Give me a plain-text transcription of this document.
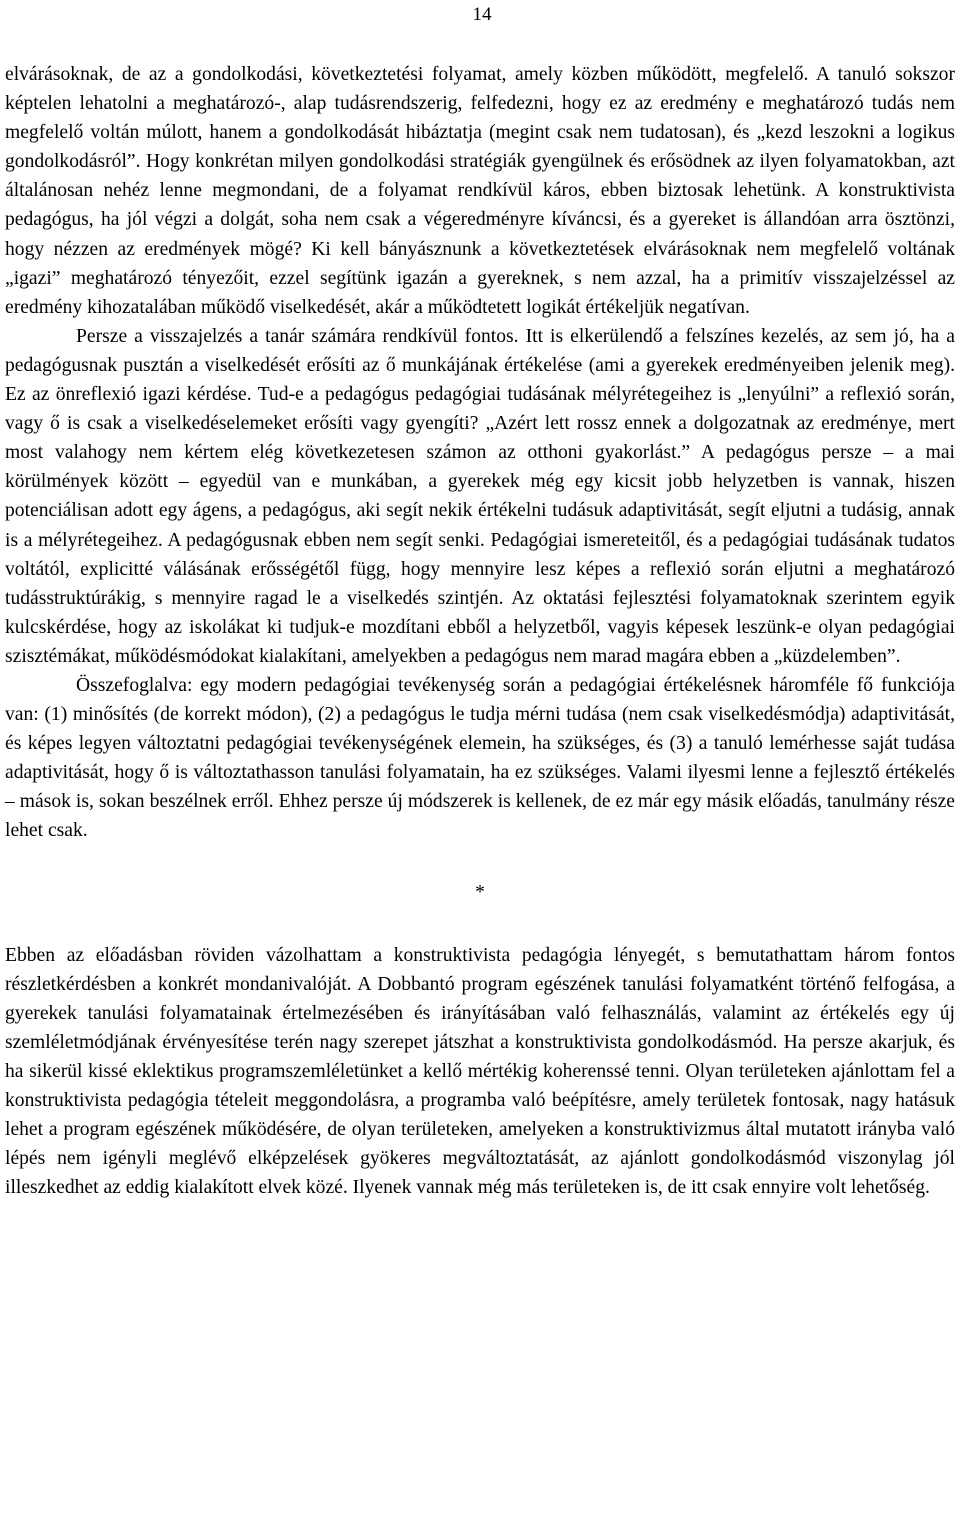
14

elvárásoknak, de az a gondolkodási, következtetési folyamat, amely közben működött, megfelelő. A tanuló sokszor képtelen lehatolni a meghatározó-, alap tudásrendszerig, felfedezni, hogy ez az eredmény e meghatározó tudás nem megfelelő voltán múlott, hanem a gondolkodását hibáztatja (megint csak nem tudatosan), és „kezd leszokni a logikus gondolkodásról”. Hogy konkrétan milyen gondolkodási stratégiák gyengülnek és erősödnek az ilyen folyamatokban, azt általánosan nehéz lenne megmondani, de a folyamat rendkívül káros, ebben biztosak lehetünk. A konstruktivista pedagógus, ha jól végzi a dolgát, soha nem csak a végeredményre kíváncsi, és a gyereket is állandóan arra ösztönzi, hogy nézzen az eredmények mögé? Ki kell bányásznunk a következtetések elvárásoknak nem megfelelő voltának „igazi” meghatározó tényezőit, ezzel segítünk igazán a gyereknek, s nem azzal, ha a primitív visszajelzéssel az eredmény kihozatalában működő viselkedését, akár a működtetett logikát értékeljük negatívan.

Persze a visszajelzés a tanár számára rendkívül fontos. Itt is elkerülendő a felszínes kezelés, az sem jó, ha a pedagógusnak pusztán a viselkedését erősíti az ő munkájának értékelése (ami a gyerekek eredményeiben jelenik meg). Ez az önreflexió igazi kérdése. Tud-e a pedagógus pedagógiai tudásának mélyrétegeihez is „lenyúlni” a reflexió során, vagy ő is csak a viselkedéselemeket erősíti vagy gyengíti? „Azért lett rossz ennek a dolgozatnak az eredménye, mert most valahogy nem kértem elég következetesen számon az otthoni gyakorlást.” A pedagógus persze – a mai körülmények között – egyedül van e munkában, a gyerekek még egy kicsit jobb helyzetben is vannak, hiszen potenciálisan adott egy ágens, a pedagógus, aki segít nekik értékelni tudásuk adaptivitását, segít eljutni a tudásig, annak is a mélyrétegeihez. A pedagógusnak ebben nem segít senki. Pedagógiai ismereteitől, és a pedagógiai tudásának tudatos voltától, explicitté válásának erősségétől függ, hogy mennyire lesz képes a reflexió során eljutni a meghatározó tudásstruktúrákig, s mennyire ragad le a viselkedés szintjén. Az oktatási fejlesztési folyamatoknak szerintem egyik kulcskérdése, hogy az iskolákat ki tudjuk-e mozdítani ebből a helyzetből, vagyis képesek leszünk-e olyan pedagógiai szisztémákat, működésmódokat kialakítani, amelyekben a pedagógus nem marad magára ebben a „küzdelemben”.

Összefoglalva: egy modern pedagógiai tevékenység során a pedagógiai értékelésnek háromféle fő funkciója van: (1) minősítés (de korrekt módon), (2) a pedagógus le tudja mérni tudása (nem csak viselkedésmódja) adaptivitását, és képes legyen változtatni pedagógiai tevékenységének elemein, ha szükséges, és (3) a tanuló lemérhesse saját tudása adaptivitását, hogy ő is változtathasson tanulási folyamatain, ha ez szükséges. Valami ilyesmi lenne a fejlesztő értékelés – mások is, sokan beszélnek erről. Ehhez persze új módszerek is kellenek, de ez már egy másik előadás, tanulmány része lehet csak.

*

Ebben az előadásban röviden vázolhattam a konstruktivista pedagógia lényegét, s bemutathattam három fontos részletkérdésben a konkrét mondanivalóját. A Dobbantó program egészének tanulási folyamatként történő felfogása, a gyerekek tanulási folyamatainak értelmezésében és irányításában való felhasználás, valamint az értékelés egy új szemléletmódjának érvényesítése terén nagy szerepet játszhat a konstruktivista gondolkodásmód. Ha persze akarjuk, és ha sikerül kissé eklektikus programszemléletünket a kellő mértékig koherenssé tenni. Olyan területeken ajánlottam fel a konstruktivista pedagógia tételeit meggondolásra, a programba való beépítésre, amely területek fontosak, nagy hatásuk lehet a program egészének működésére, de olyan területeken, amelyeken a konstruktivizmus által mutatott irányba való lépés nem igényli meglévő elképzelések gyökeres megváltoztatását, az ajánlott gondolkodásmód viszonylag jól illeszkedhet az eddig kialakított elvek közé. Ilyenek vannak még más területeken is, de itt csak ennyire volt lehetőség.
